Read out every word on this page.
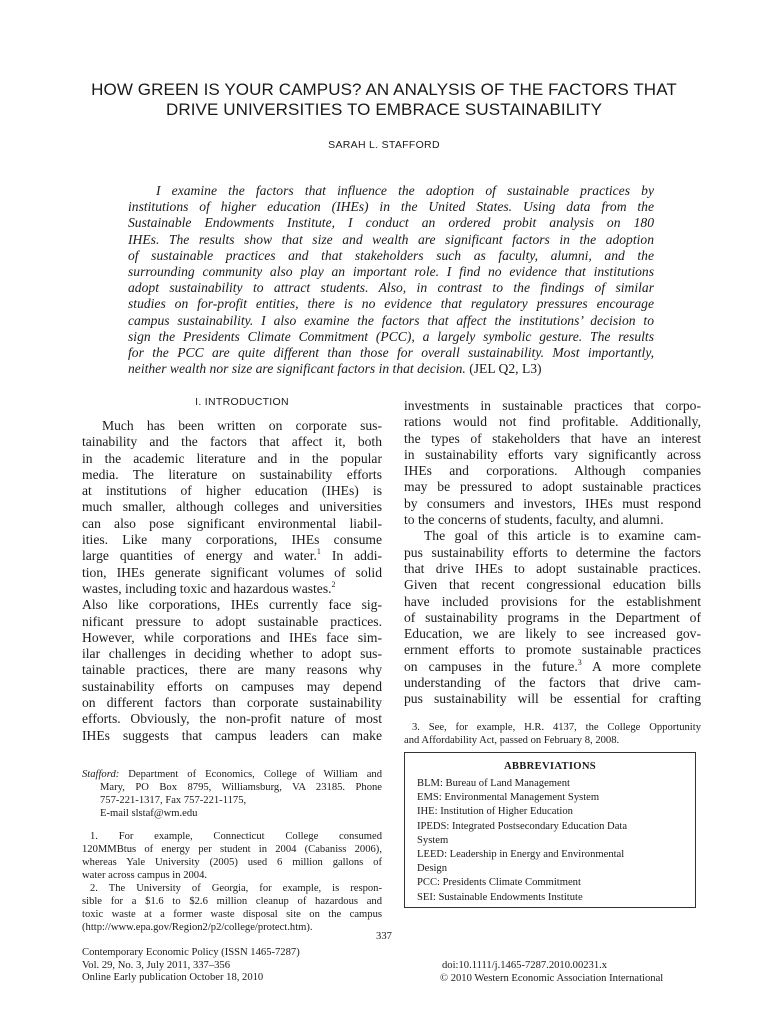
HOW GREEN IS YOUR CAMPUS? AN ANALYSIS OF THE FACTORS THAT
DRIVE UNIVERSITIES TO EMBRACE SUSTAINABILITY
SARAH L. STAFFORD
I examine the factors that influence the adoption of sustainable practices by
institutions of higher education (IHEs) in the United States. Using data from the
Sustainable Endowments Institute, I conduct an ordered probit analysis on 180
IHEs. The results show that size and wealth are significant factors in the adoption
of sustainable practices and that stakeholders such as faculty, alumni, and the
surrounding community also play an important role. I find no evidence that institutions
adopt sustainability to attract students. Also, in contrast to the findings of similar
studies on for-profit entities, there is no evidence that regulatory pressures encourage
campus sustainability. I also examine the factors that affect the institutions’ decision to
sign the Presidents Climate Commitment (PCC), a largely symbolic gesture. The results
for the PCC are quite different than those for overall sustainability. Most importantly,
neither wealth nor size are significant factors in that decision. (JEL Q2, L3)
I. INTRODUCTION
Much has been written on corporate sus-
tainability and the factors that affect it, both
in the academic literature and in the popular
media. The literature on sustainability efforts
at institutions of higher education (IHEs) is
much smaller, although colleges and universities
can also pose significant environmental liabil-
ities. Like many corporations, IHEs consume
large quantities of energy and water.$^1$ In addi-
tion, IHEs generate significant volumes of solid
wastes, including toxic and hazardous wastes.$^2$
Also like corporations, IHEs currently face sig-
nificant pressure to adopt sustainable practices.
However, while corporations and IHEs face sim-
ilar challenges in deciding whether to adopt sus-
tainable practices, there are many reasons why
sustainability efforts on campuses may depend
on different factors than corporate sustainability
efforts. Obviously, the non-profit nature of most
IHEs suggests that campus leaders can make
Stafford: Department of Economics, College of William and
Mary, PO Box 8795, Williamsburg, VA 23185. Phone
757-221-1317, Fax 757-221-1175,
E-mail slstaf@wm.edu
1. For example, Connecticut College consumed
120MMBtus of energy per student in 2004 (Cabaniss 2006),
whereas Yale University (2005) used 6 million gallons of
water across campus in 2004.
2. The University of Georgia, for example, is respon-
sible for a $1.6 to $2.6 million cleanup of hazardous and
toxic waste at a former waste disposal site on the campus
(http://www.epa.gov/Region2/p2/college/protect.htm).
investments in sustainable practices that corpo-
rations would not find profitable. Additionally,
the types of stakeholders that have an interest
in sustainability efforts vary significantly across
IHEs and corporations. Although companies
may be pressured to adopt sustainable practices
by consumers and investors, IHEs must respond
to the concerns of students, faculty, and alumni.
The goal of this article is to examine cam-
pus sustainability efforts to determine the factors
that drive IHEs to adopt sustainable practices.
Given that recent congressional education bills
have included provisions for the establishment
of sustainability programs in the Department of
Education, we are likely to see increased gov-
ernment efforts to promote sustainable practices
on campuses in the future.$^3$ A more complete
understanding of the factors that drive cam-
pus sustainability will be essential for crafting
3. See, for example, H.R. 4137, the College Opportunity
and Affordability Act, passed on February 8, 2008.
ABBREVIATIONS
BLM: Bureau of Land Management
EMS: Environmental Management System
IHE: Institution of Higher Education
IPEDS: Integrated Postsecondary Education Data
System
LEED: Leadership in Energy and Environmental
Design
PCC: Presidents Climate Commitment
SEI: Sustainable Endowments Institute
337
Contemporary Economic Policy (ISSN 1465-7287)
Vol. 29, No. 3, July 2011, 337–356
Online Early publication October 18, 2010
doi:10.1111/j.1465-7287.2010.00231.x
© 2010 Western Economic Association International
